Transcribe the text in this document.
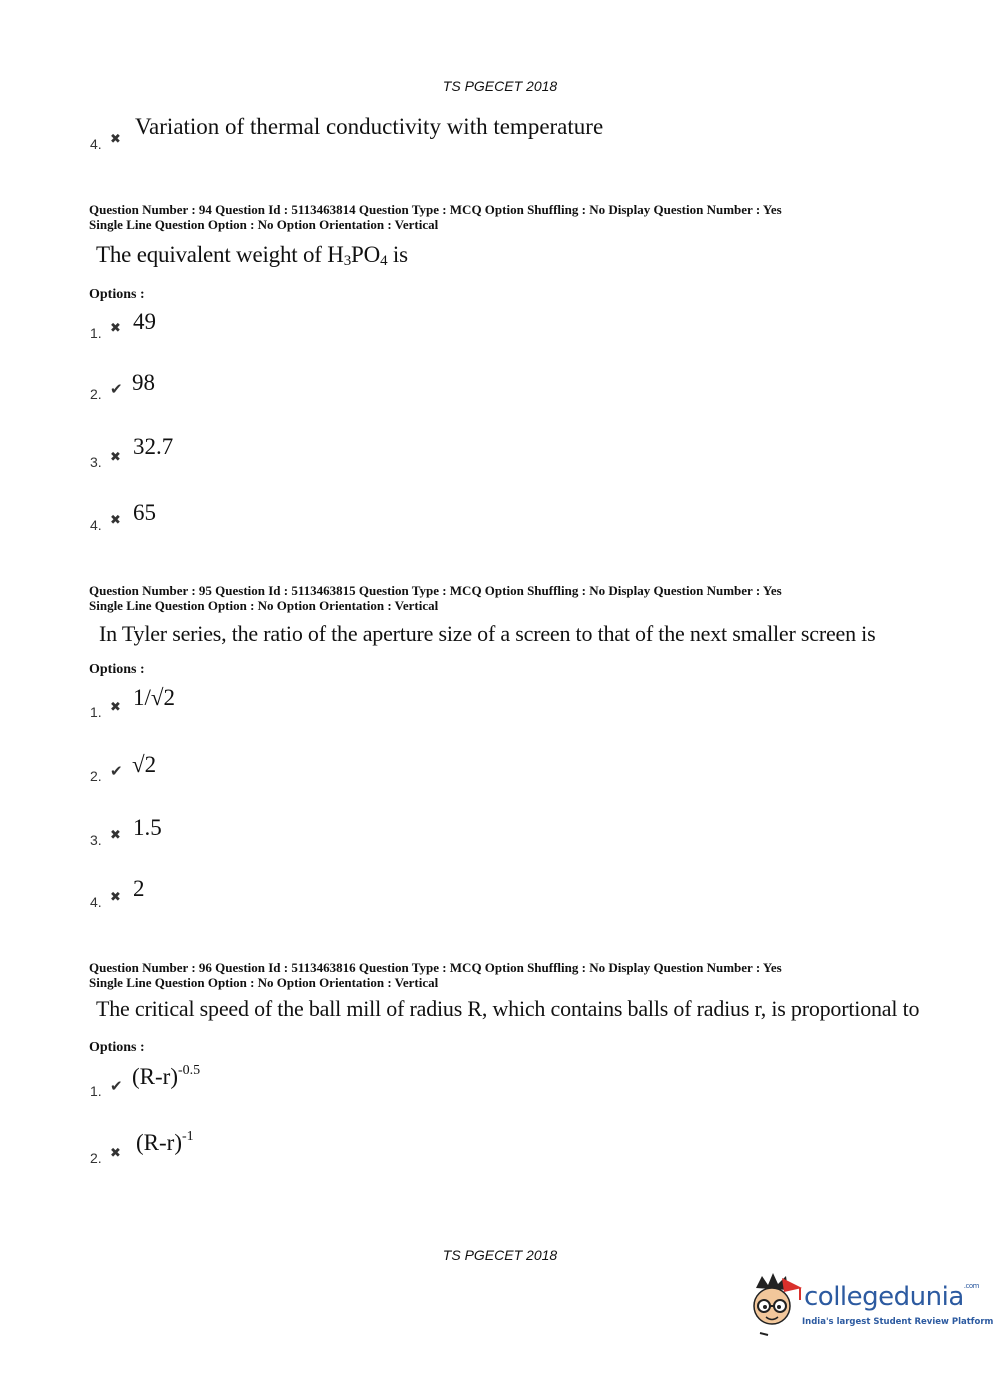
TS PGECET 2018
4. ✖
Variation of thermal conductivity with temperature
Question Number : 94 Question Id : 5113463814 Question Type : MCQ Option Shuffling : No Display Question Number : Yes
Single Line Question Option : No Option Orientation : Vertical
The equivalent weight of $H_3PO_4$ is
Options :
1. ✖ 49
2. ✔ 98
3. ✖ 32.7
4. ✖ 65
Question Number : 95 Question Id : 5113463815 Question Type : MCQ Option Shuffling : No Display Question Number : Yes
Single Line Question Option : No Option Orientation : Vertical
In Tyler series, the ratio of the aperture size of a screen to that of the next smaller screen is
Options :
1. ✖ 1/√2
2. ✔ √2
3. ✖ 1.5
4. ✖ 2
Question Number : 96 Question Id : 5113463816 Question Type : MCQ Option Shuffling : No Display Question Number : Yes
Single Line Question Option : No Option Orientation : Vertical
The critical speed of the ball mill of radius R, which contains balls of radius r, is proportional to
Options :
1. ✔ $(R-r)^{-0.5}$
2. ✖ $(R-r)^{-1}$
TS PGECET 2018
collegedunia$^{.com}$
India's largest Student Review Platform
